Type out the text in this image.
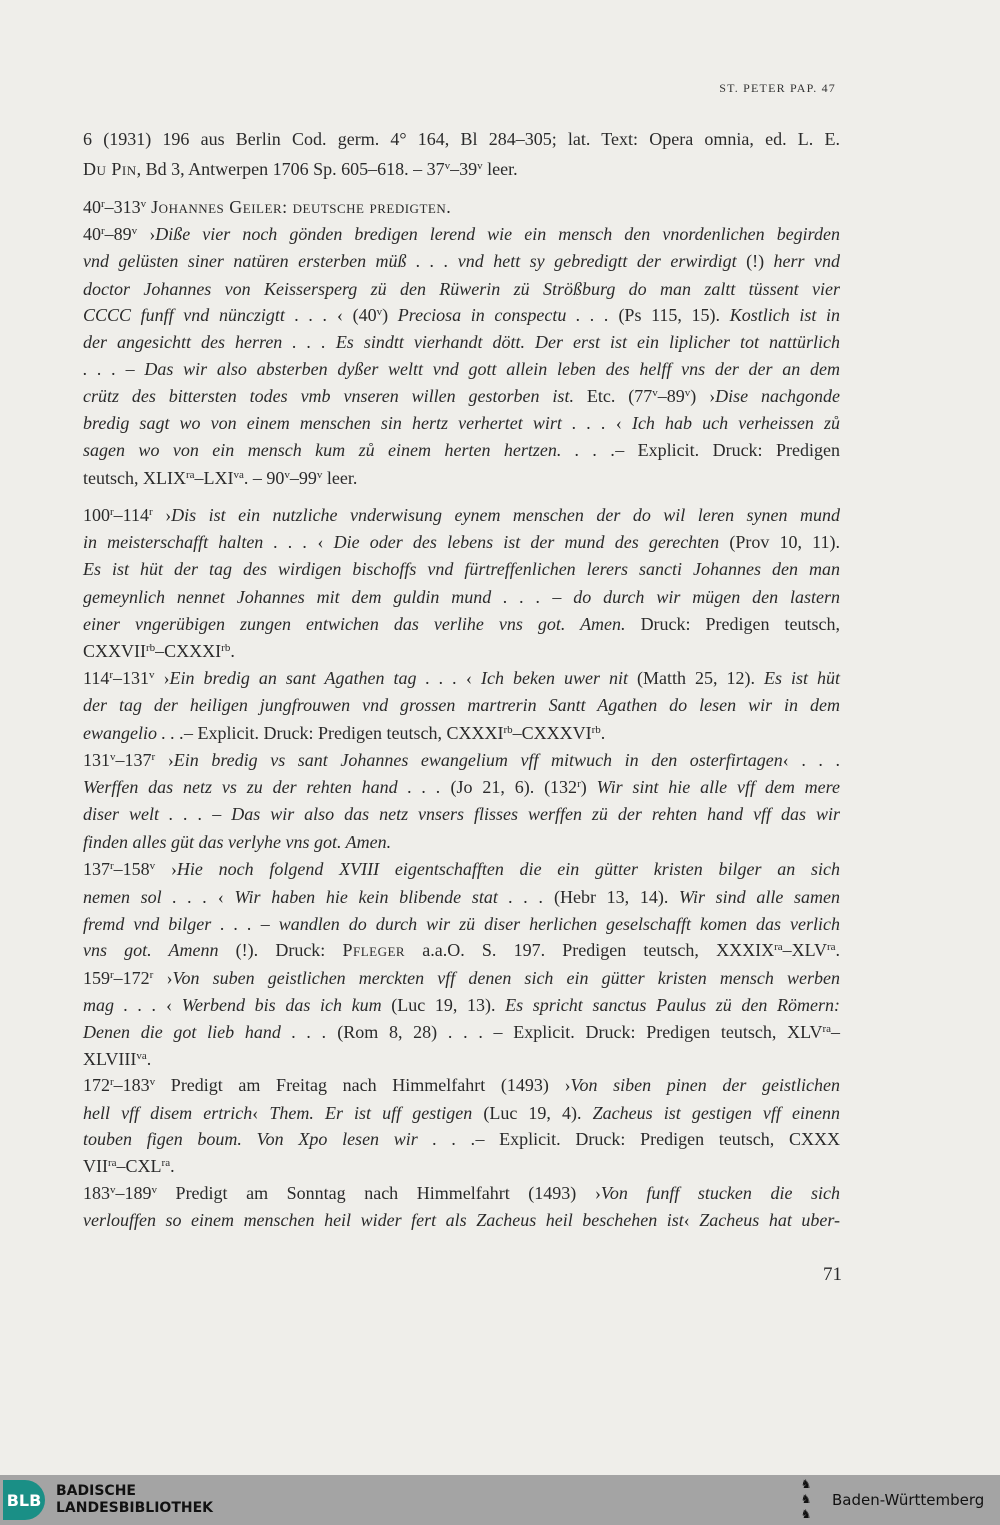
ST. PETER PAP. 47
6 (1931) 196 aus Berlin Cod. germ. 4° 164, Bl 284–305; lat. Text: Opera omnia, ed. L. E.
Du Pin, Bd 3, Antwerpen 1706 Sp. 605–618. – 37$^v$–39$^v$ leer.
40$^r$–313$^v$ Johannes Geiler: deutsche predigten.
40$^r$–89$^v$ ›Diße vier noch gönden bredigen lerend wie ein mensch den vnordenlichen begirden
vnd gelüsten siner natüren ersterben müß . . . vnd hett sy gebredigtt der erwirdigt (!) herr vnd
doctor Johannes von Keissersperg zü den Rüwerin zü Strößburg do man zaltt tüssent vier
CCCC funff vnd nünczigtt . . . ‹ (40$^v$) Preciosa in conspectu . . . (Ps 115, 15). Kostlich ist in
der angesichtt des herren . . . Es sindtt vierhandt dött. Der erst ist ein liplicher tot nattürlich
. . . – Das wir also absterben dyßer weltt vnd gott allein leben des helff vns der der an dem
crütz des bittersten todes vmb vnseren willen gestorben ist. Etc. (77$^v$–89$^v$) ›Dise nachgonde
bredig sagt wo von einem menschen sin hertz verhertet wirt . . . ‹ Ich hab uch verheissen zů
sagen wo von ein mensch kum zů einem herten hertzen. . . .– Explicit. Druck: Predigen
teutsch, $XLIX^{ra}-LXI^{va}$. – 90$^v$–99$^v$ leer.
100$^r$–114$^r$ ›Dis ist ein nutzliche vnderwisung eynem menschen der do wil leren synen mund
in meisterschafft halten . . . ‹ Die oder des lebens ist der mund des gerechten (Prov 10, 11).
Es ist hüt der tag des wirdigen bischoffs vnd fürtreffenlichen lerers sancti Johannes den man
gemeynlich nennet Johannes mit dem guldin mund . . . – do durch wir mügen den lastern
einer vngerübigen zungen entwichen das verlihe vns got. Amen. Druck: Predigen teutsch,
$CXXVII^{rb}-CXXXI^{rb}$.
114$^r$–131$^v$ ›Ein bredig an sant Agathen tag . . . ‹ Ich beken uwer nit (Matth 25, 12). Es ist hüt
der tag der heiligen jungfrouwen vnd grossen martrerin Santt Agathen do lesen wir in dem
ewangelio . . .– Explicit. Druck: Predigen teutsch, $CXXXI^{rb}-CXXXVI^{rb}$.
131$^v$–137$^r$ ›Ein bredig vs sant Johannes ewangelium vff mitwuch in den osterfirtagen‹ . . .
Werffen das netz vs zu der rehten hand . . . (Jo 21, 6). (132$^r$) Wir sint hie alle vff dem mere
diser welt . . . – Das wir also das netz vnsers flisses werffen zü der rehten hand vff das wir
finden alles güt das verlyhe vns got. Amen.
137$^r$–158$^v$ ›Hie noch folgend XVIII eigentschafften die ein gütter kristen bilger an sich
nemen sol . . . ‹ Wir haben hie kein blibende stat . . . (Hebr 13, 14). Wir sind alle samen
fremd vnd bilger . . . – wandlen do durch wir zü diser herlichen geselschafft komen das verlich
vns got. Amenn (!). Druck: Pfleger a.a.O. S. 197. Predigen teutsch, $XXXIX^{ra}-XLV^{ra}$.
159$^r$–172$^r$ ›Von suben geistlichen merckten vff denen sich ein gütter kristen mensch werben
mag . . . ‹ Werbend bis das ich kum (Luc 19, 13). Es spricht sanctus Paulus zü den Römern:
Denen die got lieb hand . . . (Rom 8, 28) . . . – Explicit. Druck: Predigen teutsch, $XLV^{ra}-$
$XLVIII^{va}$.
172$^r$–183$^v$ Predigt am Freitag nach Himmelfahrt (1493) ›Von siben pinen der geistlichen
hell vff disem ertrich‹ Them. Er ist uff gestigen (Luc 19, 4). Zacheus ist gestigen vff einenn
touben figen boum. Von Xpo lesen wir . . .– Explicit. Druck: Predigen teutsch, CXXX
$VII^{ra}-CXL^{ra}$.
183$^v$–189$^v$ Predigt am Sonntag nach Himmelfahrt (1493) ›Von funff stucken die sich
verlouffen so einem menschen heil wider fert als Zacheus heil beschehen ist‹ Zacheus hat uber-
71
BLB BADISCHE
LANDESBIBLIOTHEK
♞
♞
♞
Baden-Württemberg
